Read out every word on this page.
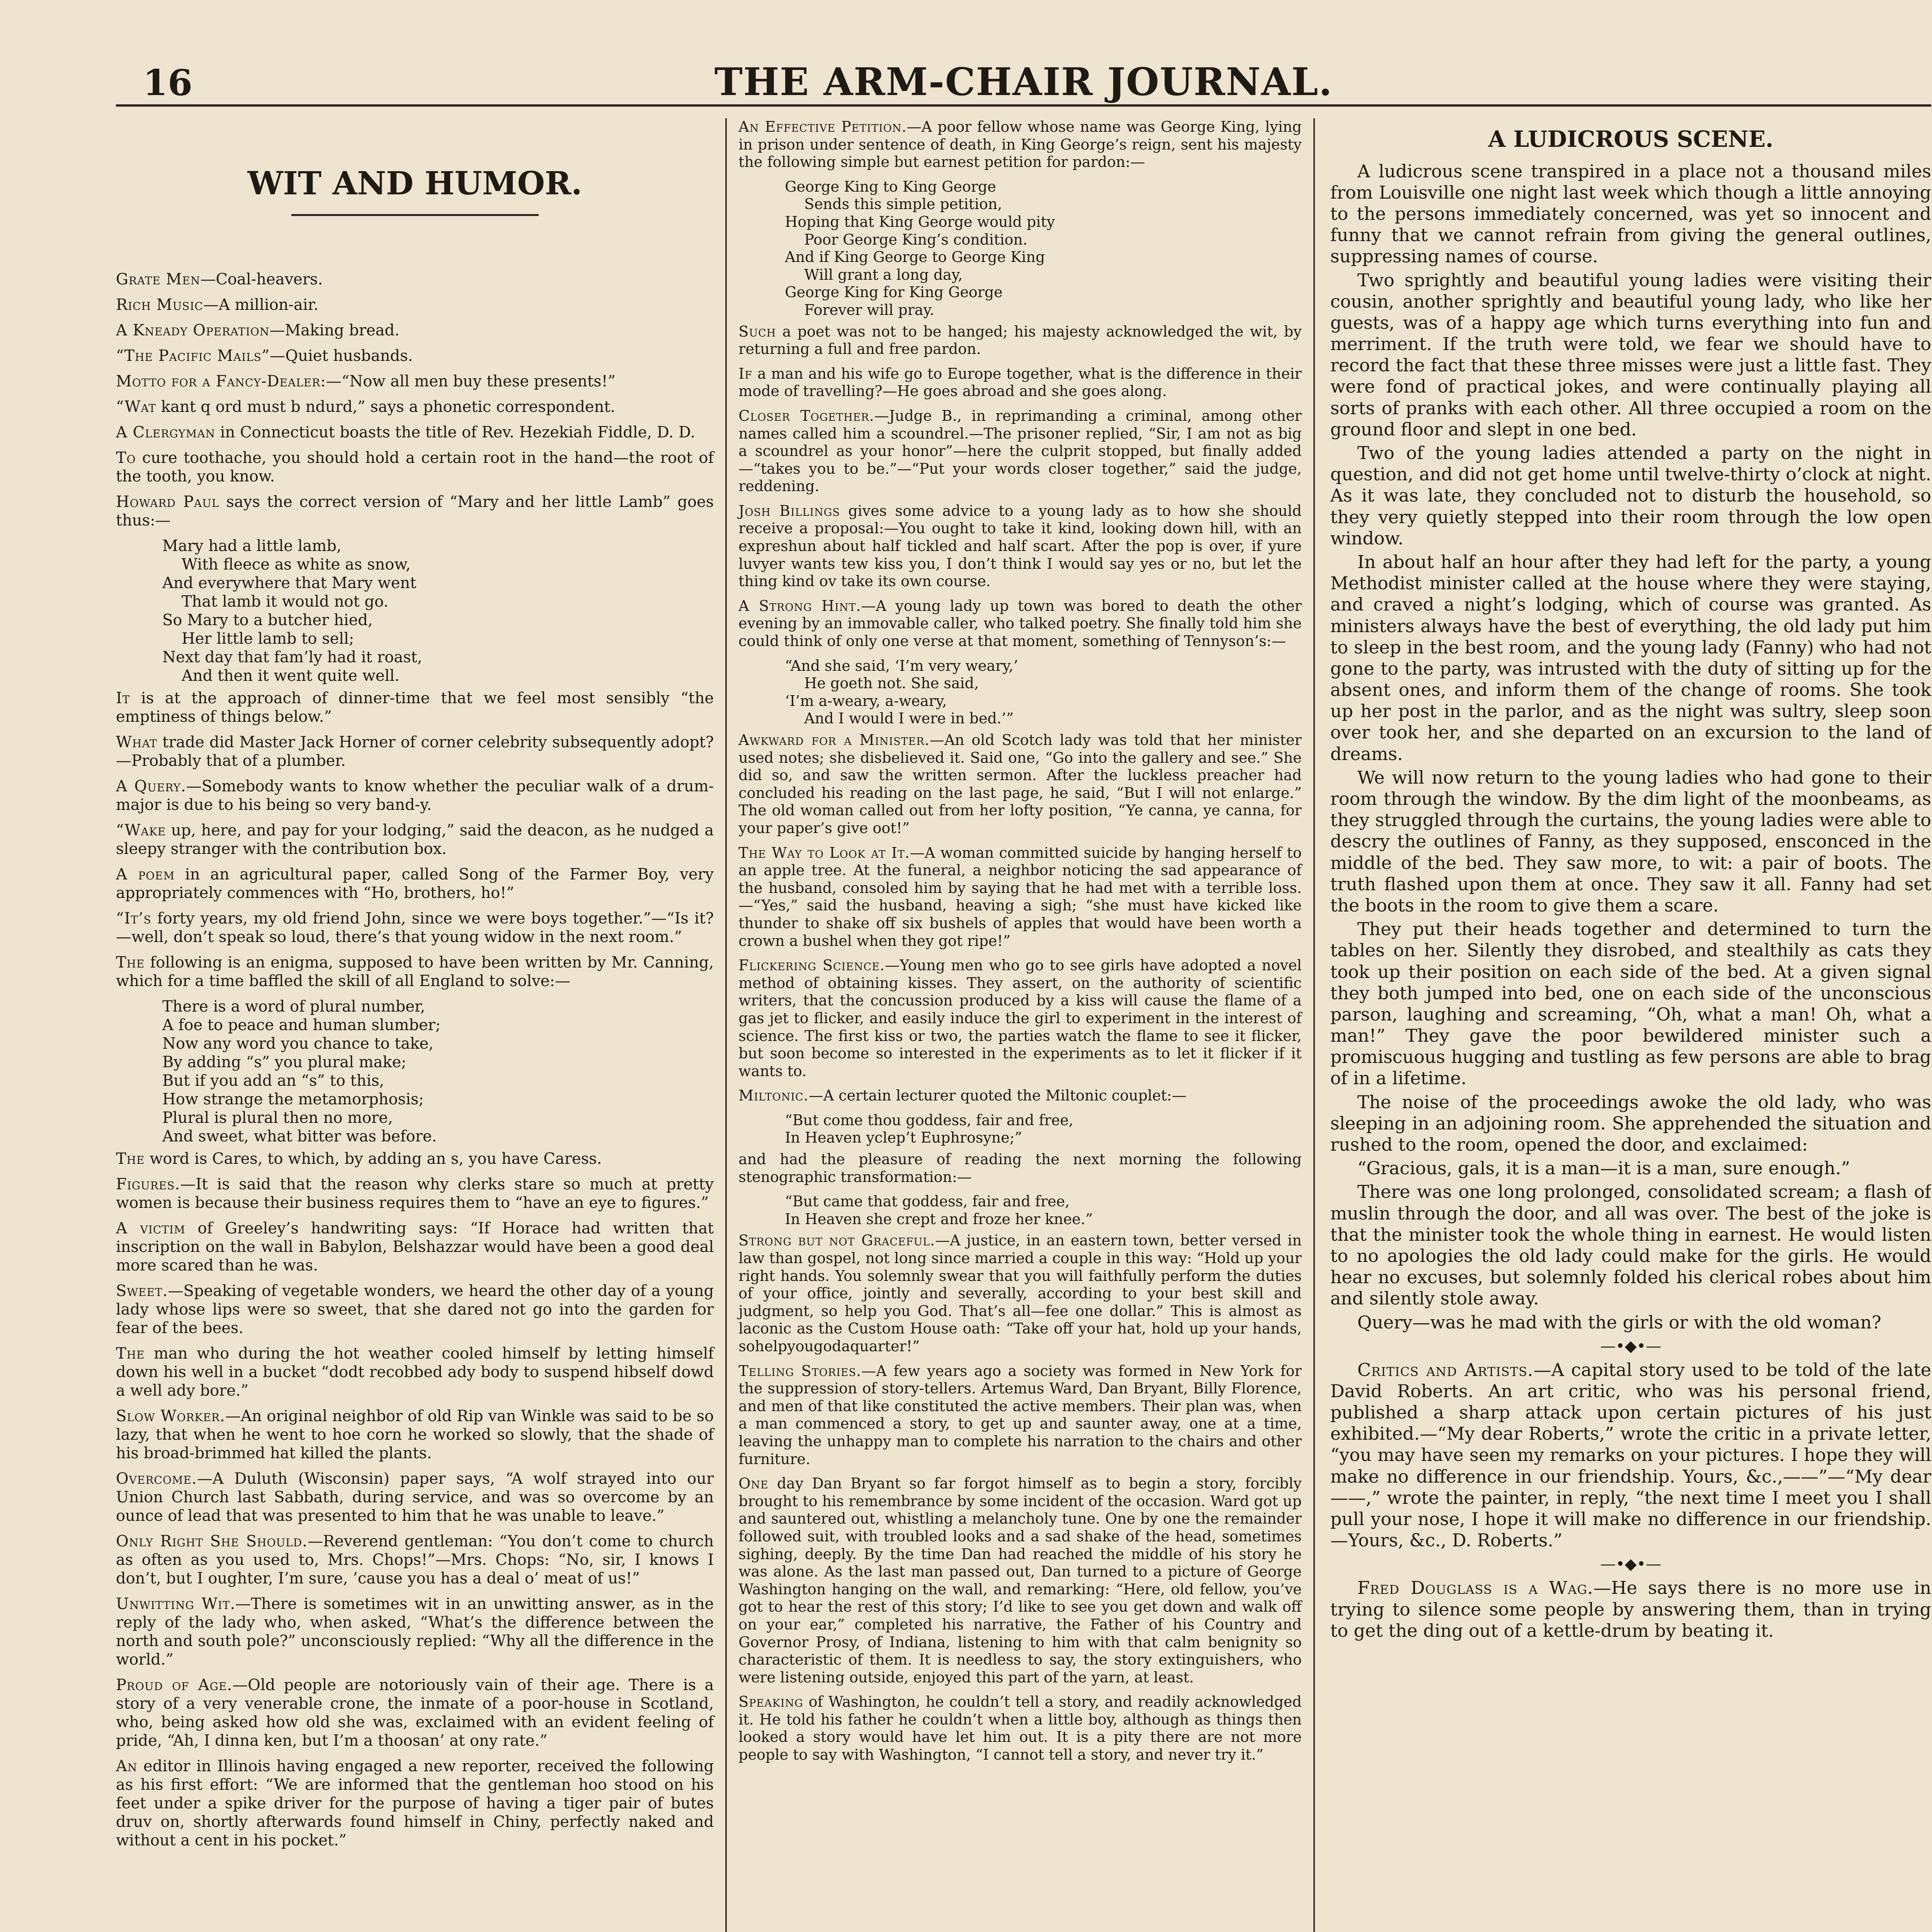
16	THE ARM-CHAIR JOURNAL.
WIT AND HUMOR.

Grate Men—Coal-heavers.

Rich Music—A million-air.

A Kneady Operation—Making bread.

“The Pacific Mails”—Quiet husbands.

Motto for a Fancy-Dealer:—“Now all men buy these presents!”

“Wat kant q ord must b ndurd,” says a phonetic correspondent.

A Clergyman in Connecticut boasts the title of Rev. Hezekiah Fiddle, D. D.

To cure toothache, you should hold a certain root in the hand—the root of the tooth, you know.

Howard Paul says the correct version of “Mary and her little Lamb” goes thus:—

Mary had a little lamb,
With fleece as white as snow,
And everywhere that Mary went
That lamb it would not go.
So Mary to a butcher hied,
Her little lamb to sell;
Next day that fam’ly had it roast,
And then it went quite well.

It is at the approach of dinner-time that we feel most sensibly “the emptiness of things below.”

What trade did Master Jack Horner of corner celebrity subsequently adopt?—Probably that of a plumber.

A Query.—Somebody wants to know whether the peculiar walk of a drum-major is due to his being so very band-y.

“Wake up, here, and pay for your lodging,” said the deacon, as he nudged a sleepy stranger with the contribution box.

A poem in an agricultural paper, called Song of the Farmer Boy, very appropriately commences with “Ho, brothers, ho!”

“It’s forty years, my old friend John, since we were boys together.”—“Is it?—well, don’t speak so loud, there’s that young widow in the next room.”

The following is an enigma, supposed to have been written by Mr. Canning, which for a time baffled the skill of all England to solve:—

There is a word of plural number,
A foe to peace and human slumber;
Now any word you chance to take,
By adding “s” you plural make;
But if you add an “s” to this,
How strange the metamorphosis;
Plural is plural then no more,
And sweet, what bitter was before.

The word is Cares, to which, by adding an s, you have Caress.

Figures.—It is said that the reason why clerks stare so much at pretty women is because their business requires them to “have an eye to figures.”

A victim of Greeley’s handwriting says: “If Horace had written that inscription on the wall in Babylon, Belshazzar would have been a good deal more scared than he was.

Sweet.—Speaking of vegetable wonders, we heard the other day of a young lady whose lips were so sweet, that she dared not go into the garden for fear of the bees.

The man who during the hot weather cooled himself by letting himself down his well in a bucket “dodt recobbed ady body to suspend hibself dowd a well ady bore.”

Slow Worker.—An original neighbor of old Rip van Winkle was said to be so lazy, that when he went to hoe corn he worked so slowly, that the shade of his broad-brimmed hat killed the plants.

Overcome.—A Duluth (Wisconsin) paper says, “A wolf strayed into our Union Church last Sabbath, during service, and was so overcome by an ounce of lead that was presented to him that he was unable to leave.”

Only Right She Should.—Reverend gentleman: “You don’t come to church as often as you used to, Mrs. Chops!”—Mrs. Chops: “No, sir, I knows I don’t, but I oughter, I’m sure, ’cause you has a deal o’ meat of us!”

Unwitting Wit.—There is sometimes wit in an unwitting answer, as in the reply of the lady who, when asked, “What’s the difference between the north and south pole?” unconsciously replied: “Why all the difference in the world.”

Proud of Age.—Old people are notoriously vain of their age. There is a story of a very venerable crone, the inmate of a poor-house in Scotland, who, being asked how old she was, exclaimed with an evident feeling of pride, “Ah, I dinna ken, but I’m a thoosan’ at ony rate.”

An editor in Illinois having engaged a new reporter, received the following as his first effort: “We are informed that the gentleman hoo stood on his feet under a spike driver for the purpose of having a tiger pair of butes druv on, shortly afterwards found himself in Chiny, perfectly naked and without a cent in his pocket.”

An Effective Petition.—A poor fellow whose name was George King, lying in prison under sentence of death, in King George’s reign, sent his majesty the following simple but earnest petition for pardon:—

George King to King George
Sends this simple petition,
Hoping that King George would pity
Poor George King’s condition.
And if King George to George King
Will grant a long day,
George King for King George
Forever will pray.

Such a poet was not to be hanged; his majesty acknowledged the wit, by returning a full and free pardon.

If a man and his wife go to Europe together, what is the difference in their mode of travelling?—He goes abroad and she goes along.

Closer Together.—Judge B., in reprimanding a criminal, among other names called him a scoundrel.—The prisoner replied, “Sir, I am not as big a scoundrel as your honor”—here the culprit stopped, but finally added—“takes you to be.”—“Put your words closer together,” said the judge, reddening.

Josh Billings gives some advice to a young lady as to how she should receive a proposal:—You ought to take it kind, looking down hill, with an expreshun about half tickled and half scart. After the pop is over, if yure luvyer wants tew kiss you, I don’t think I would say yes or no, but let the thing kind ov take its own course.

A Strong Hint.—A young lady up town was bored to death the other evening by an immovable caller, who talked poetry. She finally told him she could think of only one verse at that moment, something of Tennyson’s:—

“And she said, ‘I’m very weary,’
He goeth not. She said,
‘I’m a-weary, a-weary,
And I would I were in bed.’”

Awkward for a Minister.—An old Scotch lady was told that her minister used notes; she disbelieved it. Said one, “Go into the gallery and see.” She did so, and saw the written sermon. After the luckless preacher had concluded his reading on the last page, he said, “But I will not enlarge.” The old woman called out from her lofty position, “Ye canna, ye canna, for your paper’s give oot!”

The Way to Look at It.—A woman committed suicide by hanging herself to an apple tree. At the funeral, a neighbor noticing the sad appearance of the husband, consoled him by saying that he had met with a terrible loss.—“Yes,” said the husband, heaving a sigh; “she must have kicked like thunder to shake off six bushels of apples that would have been worth a crown a bushel when they got ripe!”

Flickering Science.—Young men who go to see girls have adopted a novel method of obtaining kisses. They assert, on the authority of scientific writers, that the concussion produced by a kiss will cause the flame of a gas jet to flicker, and easily induce the girl to experiment in the interest of science. The first kiss or two, the parties watch the flame to see it flicker, but soon become so interested in the experiments as to let it flicker if it wants to.

Miltonic.—A certain lecturer quoted the Miltonic couplet:—

“But come thou goddess, fair and free,
In Heaven yclep’t Euphrosyne;”

and had the pleasure of reading the next morning the following stenographic transformation:—

“But came that goddess, fair and free,
In Heaven she crept and froze her knee.”

Strong but not Graceful.—A justice, in an eastern town, better versed in law than gospel, not long since married a couple in this way: “Hold up your right hands. You solemnly swear that you will faithfully perform the duties of your office, jointly and severally, according to your best skill and judgment, so help you God. That’s all—fee one dollar.” This is almost as laconic as the Custom House oath: “Take off your hat, hold up your hands, sohelpyougodaquarter!”

Telling Stories.—A few years ago a society was formed in New York for the suppression of story-tellers. Artemus Ward, Dan Bryant, Billy Florence, and men of that like constituted the active members. Their plan was, when a man commenced a story, to get up and saunter away, one at a time, leaving the unhappy man to complete his narration to the chairs and other furniture.

One day Dan Bryant so far forgot himself as to begin a story, forcibly brought to his remembrance by some incident of the occasion. Ward got up and sauntered out, whistling a melancholy tune. One by one the remainder followed suit, with troubled looks and a sad shake of the head, sometimes sighing, deeply. By the time Dan had reached the middle of his story he was alone. As the last man passed out, Dan turned to a picture of George Washington hanging on the wall, and remarking: “Here, old fellow, you’ve got to hear the rest of this story; I’d like to see you get down and walk off on your ear,” completed his narrative, the Father of his Country and Governor Prosy, of Indiana, listening to him with that calm benignity so characteristic of them. It is needless to say, the story extinguishers, who were listening outside, enjoyed this part of the yarn, at least.

Speaking of Washington, he couldn’t tell a story, and readily acknowledged it. He told his father he couldn’t when a little boy, although as things then looked a story would have let him out. It is a pity there are not more people to say with Washington, “I cannot tell a story, and never try it.”

A LUDICROUS SCENE.

A ludicrous scene transpired in a place not a thousand miles from Louisville one night last week which though a little annoying to the persons immediately concerned, was yet so innocent and funny that we cannot refrain from giving the general outlines, suppressing names of course.

Two sprightly and beautiful young ladies were visiting their cousin, another sprightly and beautiful young lady, who like her guests, was of a happy age which turns everything into fun and merriment. If the truth were told, we fear we should have to record the fact that these three misses were just a little fast. They were fond of practical jokes, and were continually playing all sorts of pranks with each other. All three occupied a room on the ground floor and slept in one bed.

Two of the young ladies attended a party on the night in question, and did not get home until twelve-thirty o’clock at night. As it was late, they concluded not to disturb the household, so they very quietly stepped into their room through the low open window.

In about half an hour after they had left for the party, a young Methodist minister called at the house where they were staying, and craved a night’s lodging, which of course was granted. As ministers always have the best of everything, the old lady put him to sleep in the best room, and the young lady (Fanny) who had not gone to the party, was intrusted with the duty of sitting up for the absent ones, and inform them of the change of rooms. She took up her post in the parlor, and as the night was sultry, sleep soon over took her, and she departed on an excursion to the land of dreams.

We will now return to the young ladies who had gone to their room through the window. By the dim light of the moonbeams, as they struggled through the curtains, the young ladies were able to descry the outlines of Fanny, as they supposed, ensconced in the middle of the bed. They saw more, to wit: a pair of boots. The truth flashed upon them at once. They saw it all. Fanny had set the boots in the room to give them a scare.

They put their heads together and determined to turn the tables on her. Silently they disrobed, and stealthily as cats they took up their position on each side of the bed. At a given signal they both jumped into bed, one on each side of the unconscious parson, laughing and screaming, “Oh, what a man! Oh, what a man!” They gave the poor bewildered minister such a promiscuous hugging and tustling as few persons are able to brag of in a lifetime.

The noise of the proceedings awoke the old lady, who was sleeping in an adjoining room. She apprehended the situation and rushed to the room, opened the door, and exclaimed:

“Gracious, gals, it is a man—it is a man, sure enough.”

There was one long prolonged, consolidated scream; a flash of muslin through the door, and all was over. The best of the joke is that the minister took the whole thing in earnest. He would listen to no apologies the old lady could make for the girls. He would hear no excuses, but solemnly folded his clerical robes about him and silently stole away.

Query—was he mad with the girls or with the old woman?

—•◆•—

Critics and Artists.—A capital story used to be told of the late David Roberts. An art critic, who was his personal friend, published a sharp attack upon certain pictures of his just exhibited.—“My dear Roberts,” wrote the critic in a private letter, “you may have seen my remarks on your pictures. I hope they will make no difference in our friendship. Yours, &c.,——”—“My dear——,” wrote the painter, in reply, “the next time I meet you I shall pull your nose, I hope it will make no difference in our friendship.—Yours, &c., D. Roberts.”

—•◆•—

Fred Douglass is a Wag.—He says there is no more use in trying to silence some people by answering them, than in trying to get the ding out of a kettle-drum by beating it.
